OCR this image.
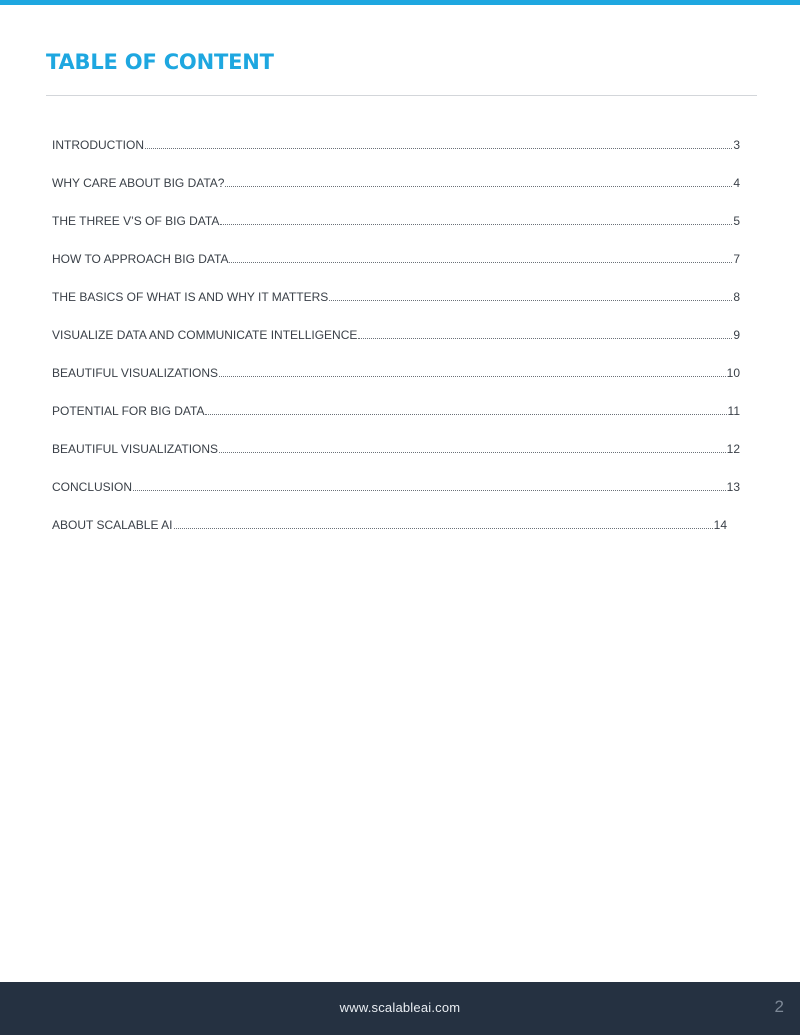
TABLE OF CONTENT
INTRODUCTION	3
WHY CARE ABOUT BIG DATA?	4
THE THREE V’S OF BIG DATA	5
HOW TO APPROACH BIG DATA	7
THE BASICS OF WHAT IS AND WHY IT MATTERS	8
VISUALIZE DATA AND COMMUNICATE INTELLIGENCE	9
BEAUTIFUL VISUALIZATIONS	10
POTENTIAL FOR BIG DATA	11
BEAUTIFUL VISUALIZATIONS	12
CONCLUSION	13
ABOUT SCALABLE AI	14
www.scalableai.com	2
